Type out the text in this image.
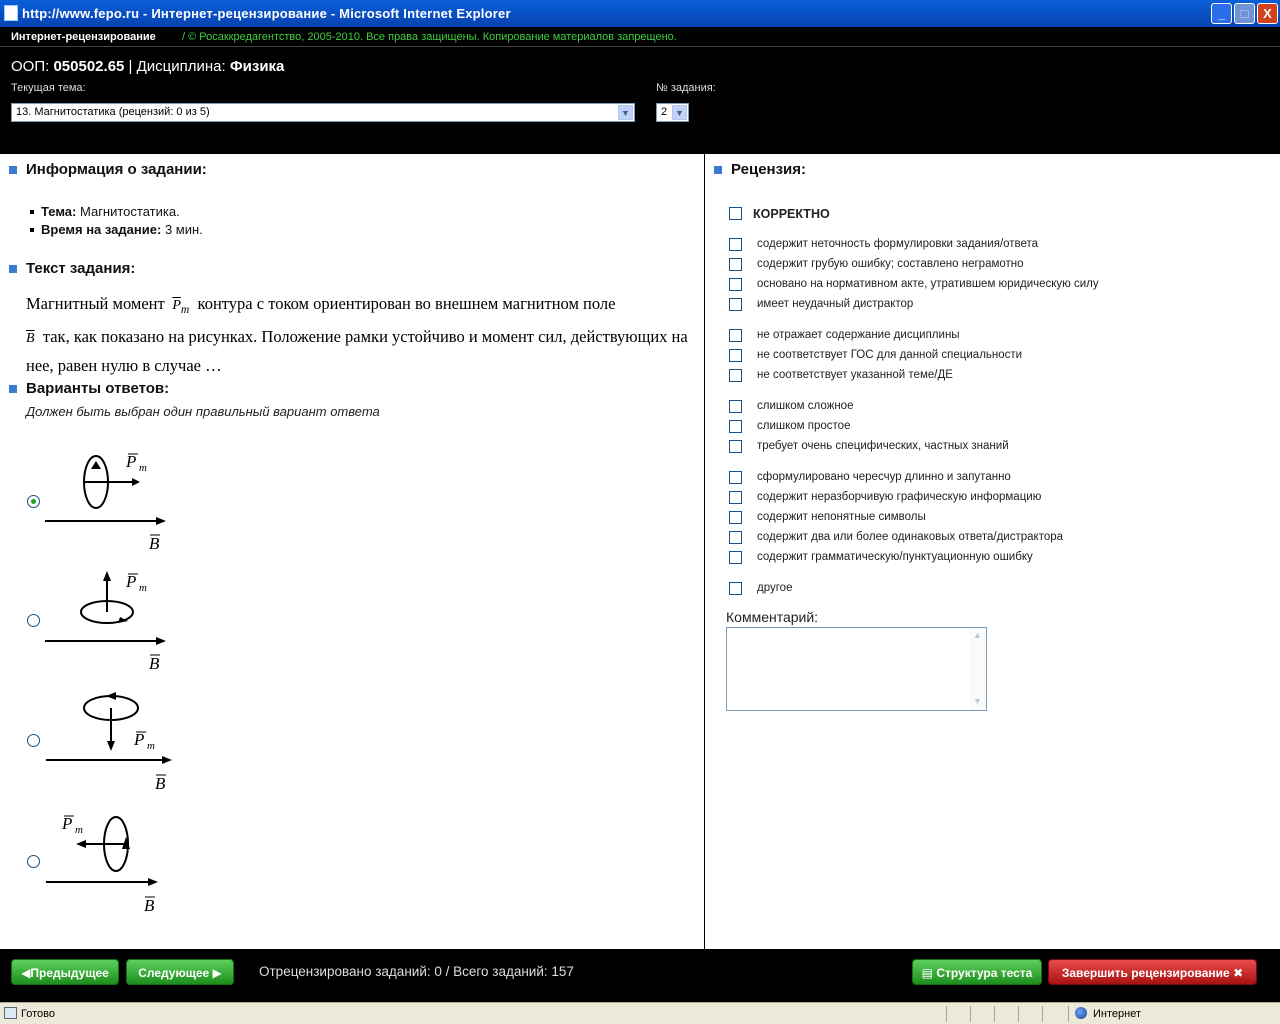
http://www.fepo.ru - Интернет-рецензирование - Microsoft Internet Explorer	_	□	X
Интернет-рецензирование / © Росаккредагентство, 2005-2010. Все права защищены. Копирование материалов запрещено.
ООП: 050502.65 | Дисциплина: Физика
Текущая тема:	№ задания:
13. Магнитостатика (рецензий: 0 из 5)	▼	2 ▼
Информация о задании:
Тема: Магнитостатика.
Время на задание: 3 мин.
Текст задания:
Магнитный момент $\overline{P}_m$ контура с током ориентирован во внешнем магнитном поле
$\overline{B}$ так, как показано на рисунках. Положение рамки устойчиво и момент сил, действующих на нее, равен нулю в случае …
Варианты ответов:
Должен быть выбран один правильный вариант ответа
P m
B
P m
B
P m
B
P m
B
Рецензия:
КОРРЕКТНО
содержит неточность формулировки задания/ответа
содержит грубую ошибку; составлено неграмотно
основано на нормативном акте, утратившем юридическую силу
имеет неудачный дистрактор
не отражает содержание дисциплины
не соответствует ГОС для данной специальности
не соответствует указанной теме/ДЕ
слишком сложное
слишком простое
требует очень специфических, частных знаний
сформулировано чересчур длинно и запутанно
содержит неразборчивую графическую информацию
содержит непонятные символы
содержит два или более одинаковых ответа/дистрактора
содержит грамматическую/пунктуационную ошибку
другое
Комментарий:
▲
▼
◀Предыдущее	Следующее ▶	Отрецензировано заданий: 0 / Всего заданий: 157	▤ Структура теста	Завершить рецензирование ✖
Готово	Интернет
